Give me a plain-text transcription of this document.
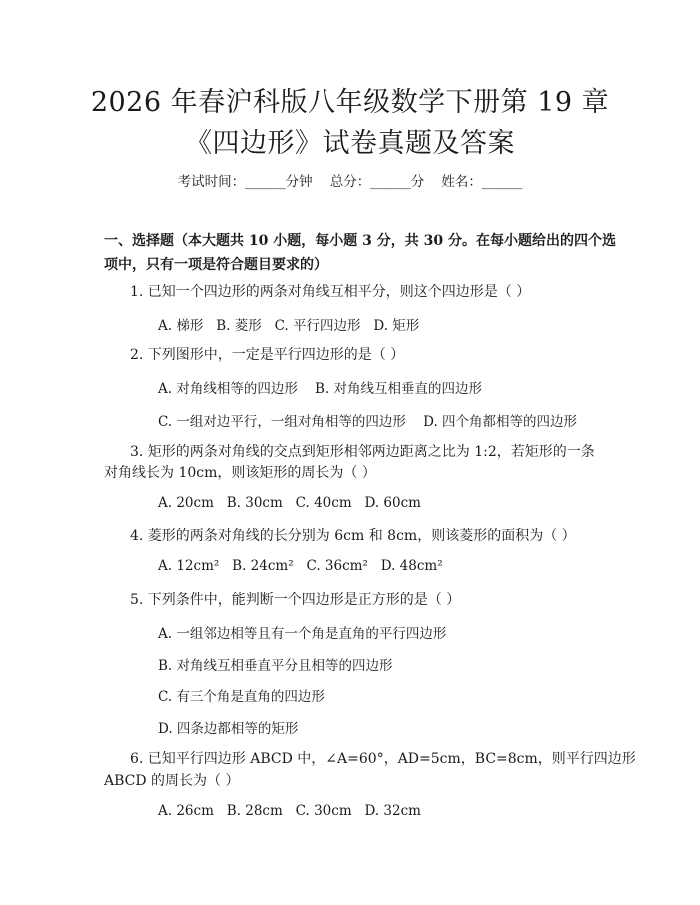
2026 年春沪科版八年级数学下册第 19 章
《四边形》试卷真题及答案
考试时间：______分钟    总分：______分    姓名：______
一、选择题（本大题共 10 小题，每小题 3 分，共 30 分。在每小题给出的四个选
项中，只有一项是符合题目要求的）
1. 已知一个四边形的两条对角线互相平分，则这个四边形是（ ）
A. 梯形   B. 菱形   C. 平行四边形   D. 矩形
2. 下列图形中，一定是平行四边形的是（ ）
A. 对角线相等的四边形    B. 对角线互相垂直的四边形
C. 一组对边平行，一组对角相等的四边形    D. 四个角都相等的四边形
3. 矩形的两条对角线的交点到矩形相邻两边距离之比为 1:2，若矩形的一条
对角线长为 10cm，则该矩形的周长为（ ）
A. 20cm   B. 30cm   C. 40cm   D. 60cm
4. 菱形的两条对角线的长分别为 6cm 和 8cm，则该菱形的面积为（ ）
A. 12cm²   B. 24cm²   C. 36cm²   D. 48cm²
5. 下列条件中，能判断一个四边形是正方形的是（ ）
A. 一组邻边相等且有一个角是直角的平行四边形
B. 对角线互相垂直平分且相等的四边形
C. 有三个角是直角的四边形
D. 四条边都相等的矩形
6. 已知平行四边形 ABCD 中，∠A=60°，AD=5cm，BC=8cm，则平行四边形
ABCD 的周长为（ ）
A. 26cm   B. 28cm   C. 30cm   D. 32cm
